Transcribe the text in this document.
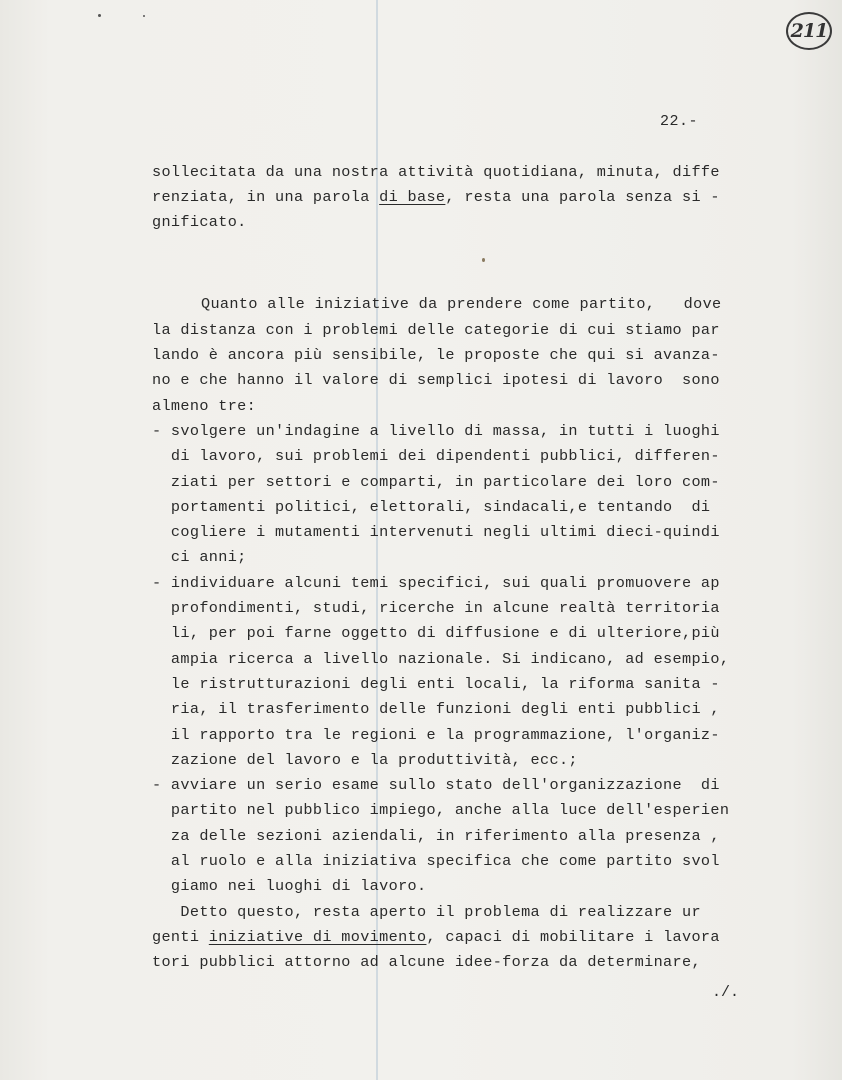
211
22.-
sollecitata da una nostra attività quotidiana, minuta, diffe
renziata, in una parola di base, resta una parola senza si -
gnificato.
Quanto alle iniziative da prendere come partito,   dove
la distanza con i problemi delle categorie di cui stiamo par
lando è ancora più sensibile, le proposte che qui si avanza-
no e che hanno il valore di semplici ipotesi di lavoro  sono
almeno tre:
- svolgere un'indagine a livello di massa, in tutti i luoghi
di lavoro, sui problemi dei dipendenti pubblici, differen-
ziati per settori e comparti, in particolare dei loro com-
portamenti politici, elettorali, sindacali,e tentando  di
cogliere i mutamenti intervenuti negli ultimi dieci-quindi
ci anni;
- individuare alcuni temi specifici, sui quali promuovere ap
profondimenti, studi, ricerche in alcune realtà territoria
li, per poi farne oggetto di diffusione e di ulteriore,più
ampia ricerca a livello nazionale. Si indicano, ad esempio,
le ristrutturazioni degli enti locali, la riforma sanita -
ria, il trasferimento delle funzioni degli enti pubblici ,
il rapporto tra le regioni e la programmazione, l'organiz-
zazione del lavoro e la produttività, ecc.;
- avviare un serio esame sullo stato dell'organizzazione  di
partito nel pubblico impiego, anche alla luce dell'esperien
za delle sezioni aziendali, in riferimento alla presenza ,
al ruolo e alla iniziativa specifica che come partito svol
giamo nei luoghi di lavoro.
Detto questo, resta aperto il problema di realizzare ur
genti iniziative di movimento, capaci di mobilitare i lavora
tori pubblici attorno ad alcune idee-forza da determinare,
./.
